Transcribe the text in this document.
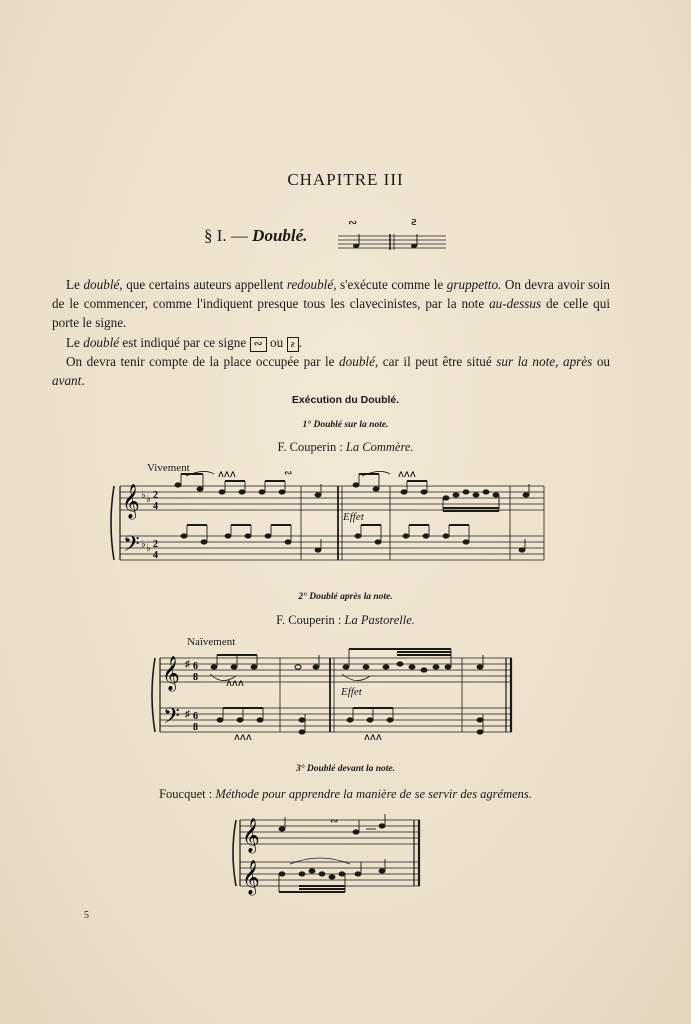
CHAPITRE III
§ I. — Doublé.
∾	ƨ
Le doublé, que certains auteurs appellent redoublé, s'exécute comme le gruppetto. On devra avoir soin de le commencer, comme l'indiquent presque tous les clavecinistes, par la note au-dessus de celle qui porte le signe.
Le doublé est indiqué par ce signe ∾ ou ƨ .
On devra tenir compte de la place occupée par le doublé, car il peut être situé sur la note, après ou avant.
Exécution du Doublé.
1° Doublé sur la note.
F. Couperin : La Commère.
Vivement
Effet
𝄞
𝄢
♭ ♭
♭ ♭
2
4
2
4
ʌʌʌ	∾	ʌʌʌ
2° Doublé après la note.
F. Couperin : La Pastorelle.
Naïvement
Effet
𝄞
𝄢
♯
♯
6
8
6
8
ʌʌʌ
ʌʌʌ	ʌʌʌ
3° Doublé devant la note.
Foucquet : Méthode pour apprendre la manière de se servir des agrémens.
𝄞
𝄞
∾
5
